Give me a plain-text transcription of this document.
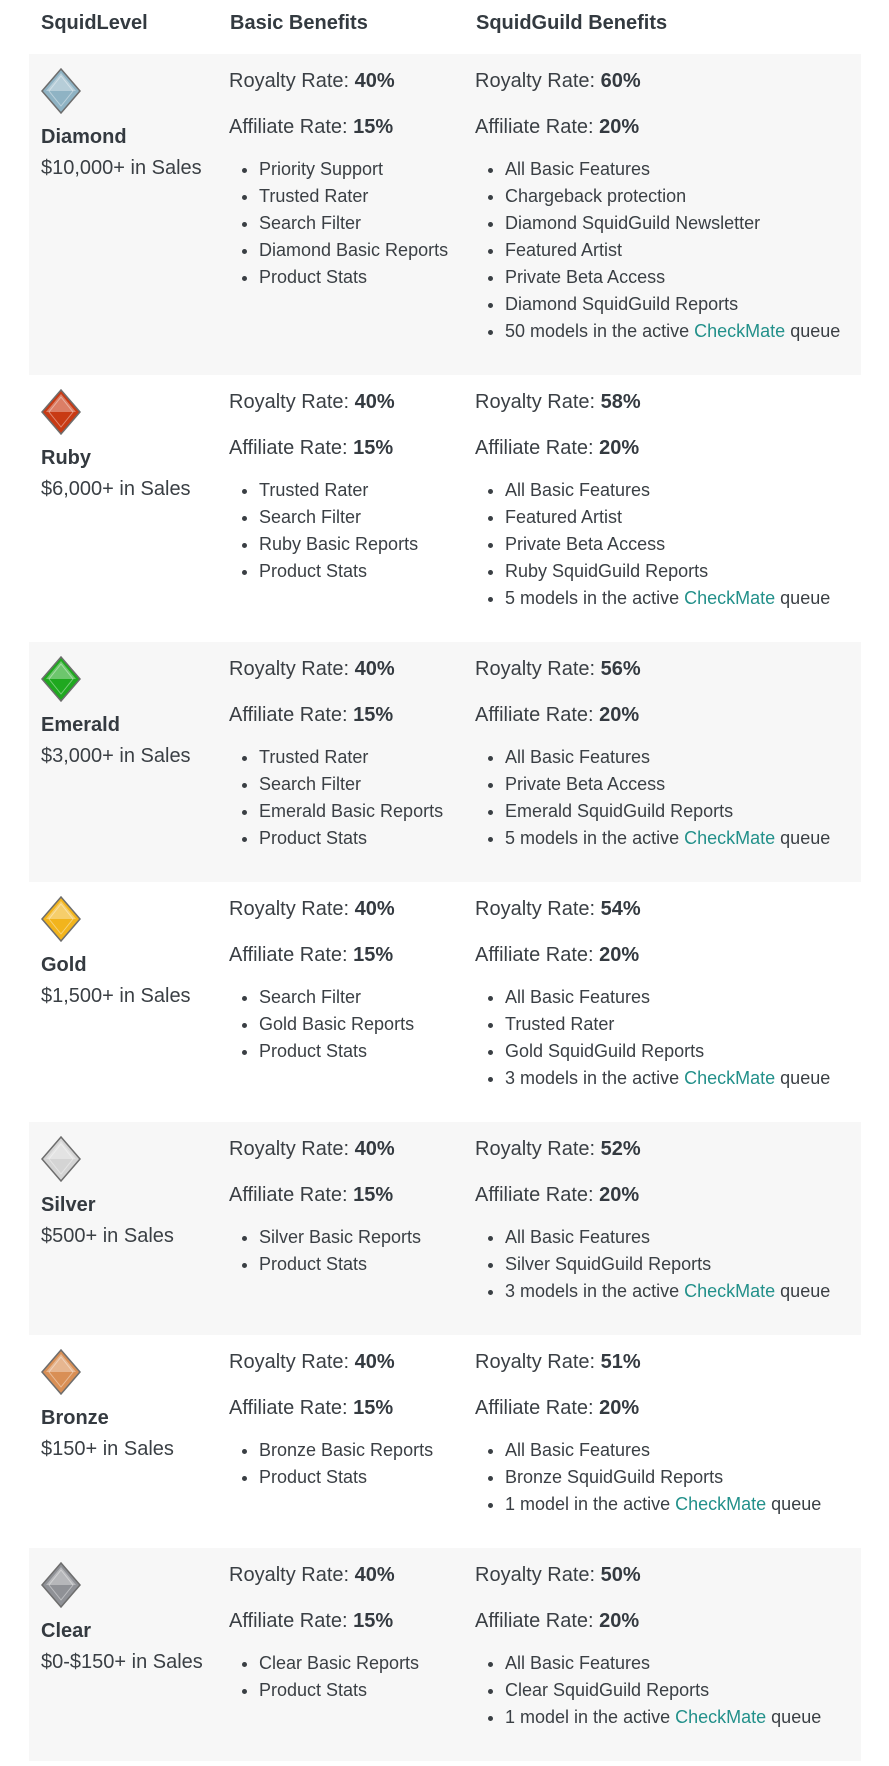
SquidLevel	Basic Benefits	SquidGuild Benefits
Diamond
$10,000+ in Sales
Royalty Rate: 40%
Affiliate Rate: 15%
• Priority Support
• Trusted Rater
• Search Filter
• Diamond Basic Reports
• Product Stats
Royalty Rate: 60%
Affiliate Rate: 20%
• All Basic Features
• Chargeback protection
• Diamond SquidGuild Newsletter
• Featured Artist
• Private Beta Access
• Diamond SquidGuild Reports
• 50 models in the active CheckMate queue
Ruby
$6,000+ in Sales
Royalty Rate: 40%
Affiliate Rate: 15%
• Trusted Rater
• Search Filter
• Ruby Basic Reports
• Product Stats
Royalty Rate: 58%
Affiliate Rate: 20%
• All Basic Features
• Featured Artist
• Private Beta Access
• Ruby SquidGuild Reports
• 5 models in the active CheckMate queue
Emerald
$3,000+ in Sales
Royalty Rate: 40%
Affiliate Rate: 15%
• Trusted Rater
• Search Filter
• Emerald Basic Reports
• Product Stats
Royalty Rate: 56%
Affiliate Rate: 20%
• All Basic Features
• Private Beta Access
• Emerald SquidGuild Reports
• 5 models in the active CheckMate queue
Gold
$1,500+ in Sales
Royalty Rate: 40%
Affiliate Rate: 15%
• Search Filter
• Gold Basic Reports
• Product Stats
Royalty Rate: 54%
Affiliate Rate: 20%
• All Basic Features
• Trusted Rater
• Gold SquidGuild Reports
• 3 models in the active CheckMate queue
Silver
$500+ in Sales
Royalty Rate: 40%
Affiliate Rate: 15%
• Silver Basic Reports
• Product Stats
Royalty Rate: 52%
Affiliate Rate: 20%
• All Basic Features
• Silver SquidGuild Reports
• 3 models in the active CheckMate queue
Bronze
$150+ in Sales
Royalty Rate: 40%
Affiliate Rate: 15%
• Bronze Basic Reports
• Product Stats
Royalty Rate: 51%
Affiliate Rate: 20%
• All Basic Features
• Bronze SquidGuild Reports
• 1 model in the active CheckMate queue
Clear
$0-$150+ in Sales
Royalty Rate: 40%
Affiliate Rate: 15%
• Clear Basic Reports
• Product Stats
Royalty Rate: 50%
Affiliate Rate: 20%
• All Basic Features
• Clear SquidGuild Reports
• 1 model in the active CheckMate queue
